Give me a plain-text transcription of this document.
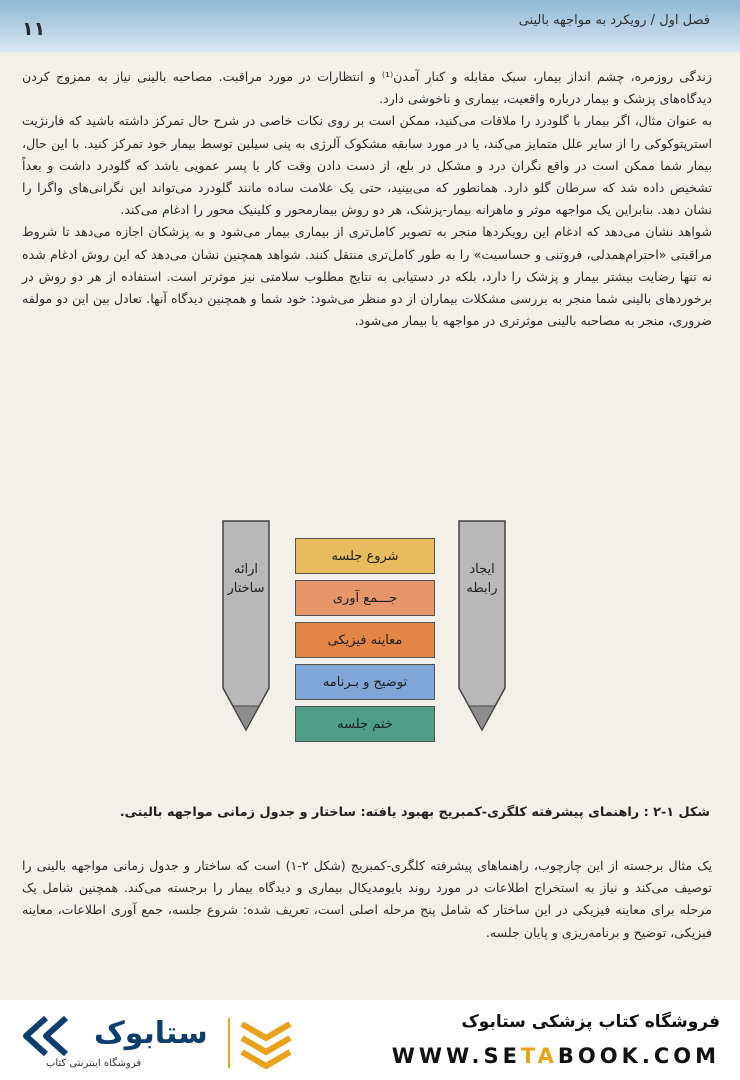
۱۱	فصل اول / رویکرد به مواجهه بالینی

زندگی روزمره، چشم انداز بیمار، سبک مقابله و کنار آمدن⁽¹⁾ و انتظارات در مورد مراقبت. مصاحبه بالینی نیاز به ممزوج کردن دیدگاه‌های پزشک و بیمار درباره واقعیت، بیماری و ناخوشی دارد.

به عنوان مثال، اگر بیمار با گلودرد را ملاقات می‌کنید، ممکن است بر روی نکات خاصی در شرح حال تمرکز داشته باشید که فارنژیت استرپتوکوکی را از سایر علل متمایز می‌کند، یا در مورد سابقه مشکوک آلرژی به پنی سیلین توسط بیمار خود تمرکز کنید. با این حال، بیمار شما ممکن است در واقع نگران درد و مشکل در بلع، از دست دادن وقت کار یا پسر عمویی باشد که گلودرد داشت و بعداً تشخیص داده شد که سرطان گلو دارد. همانطور که می‌بینید، حتی یک علامت ساده مانند گلودرد می‌تواند این نگرانی‌های واگرا را نشان دهد. بنابراین یک مواجهه موثر و ماهرانه بیمار-پزشک، هر دو روش بیمارمحور و کلینیک محور را ادغام می‌کند.

شواهد نشان می‌دهد که ادغام این رویکردها منجر به تصویر کامل‌تری از بیماری بیمار می‌شود و به پزشکان اجازه می‌دهد تا شروط مراقبتی «احترام‌همدلی، فروتنی و حساسیت» را به طور کامل‌تری منتقل کنند. شواهد همچنین نشان می‌دهد که این روش ادغام شده نه تنها رضایت بیشتر بیمار و پزشک را دارد، بلکه در دستیابی به نتایج مطلوب سلامتی نیز موثرتر است. استفاده از هر دو روش در برخوردهای بالینی شما منجر به بررسی مشکلات بیماران از دو منظر می‌شود: خود شما و همچنین دیدگاه آنها. تعادل بین این دو مولفه ضروری، منجر به مصاحبه بالینی موثرتری در مواجهه با بیمار می‌شود.

ارائه ساختار
شروع جلسه
جـــمع آوری
معاینه فیزیکی
توضیح و بـرنامه
ختم جلسه
ایجاد رابطه
شکل ۱-۲ : راهنمای پیشرفته کلگری-کمبریج بهبود یافته: ساختار و جدول زمانی مواجهه بالینی.

یک مثال برجسته از این چارچوب، راهنماهای پیشرفته کلگری-کمبریج (شکل ۲-۱) است که ساختار و جدول زمانی مواجهه بالینی را توصیف می‌کند و نیاز به استخراج اطلاعات در مورد روند بایومدیکال بیماری و دیدگاه بیمار را برجسته می‌کند. همچنین شامل یک مرحله برای معاینه فیزیکی در این ساختار که شامل پنج مرحله اصلی است، تعریف شده: شروع جلسه، جمع آوری اطلاعات، معاینه فیزیکی، توضیح و برنامه‌ریزی و پایان جلسه.

ستابوک
فروشگاه اینترنتی کتاب
فروشگاه کتاب پزشکی ستابوک
WWW.SETABOOK.COM
